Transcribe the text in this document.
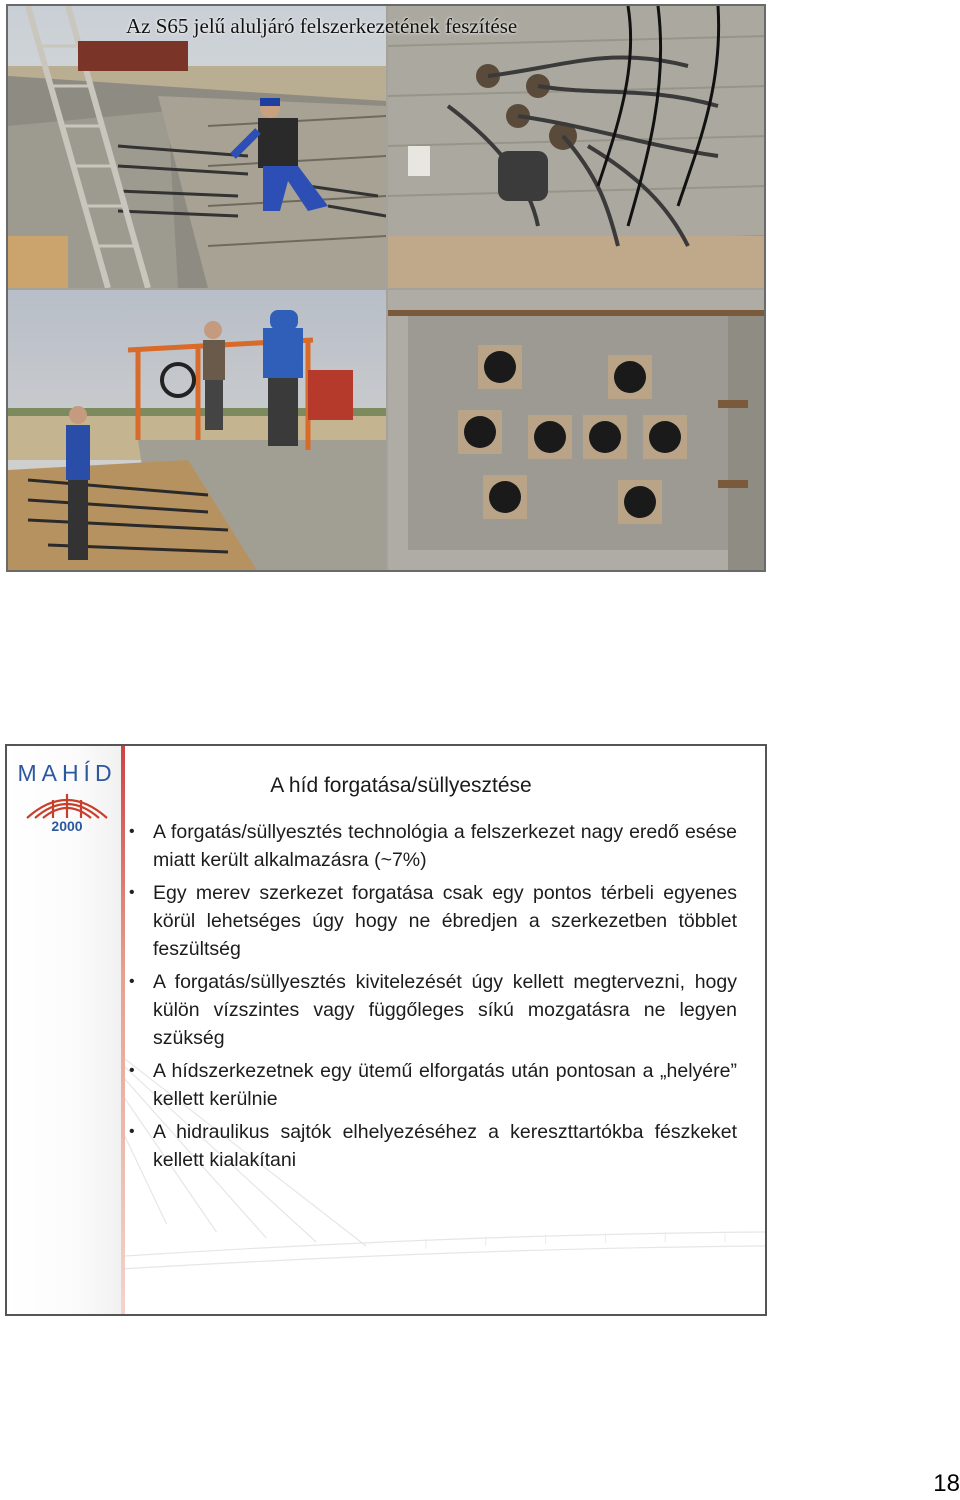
Az S65 jelű aluljáró felszerkezetének feszítése
MAHÍD
2000
A híd forgatása/süllyesztése
• A forgatás/süllyesztés technológia a felszerkezet nagy eredő esése miatt került alkalmazásra (~7%)
• Egy merev szerkezet forgatása csak egy pontos térbeli egyenes körül lehetséges úgy hogy ne ébredjen a szerkezetben többlet feszültség
• A forgatás/süllyesztés kivitelezését úgy kellett megtervezni, hogy külön vízszintes vagy függőleges síkú mozgatásra ne legyen szükség
• A hídszerkezetnek egy ütemű elforgatás után pontosan a „helyére” kellett kerülnie
• A hidraulikus sajtók elhelyezéséhez a kereszttartókba fészkeket kellett kialakítani
18
